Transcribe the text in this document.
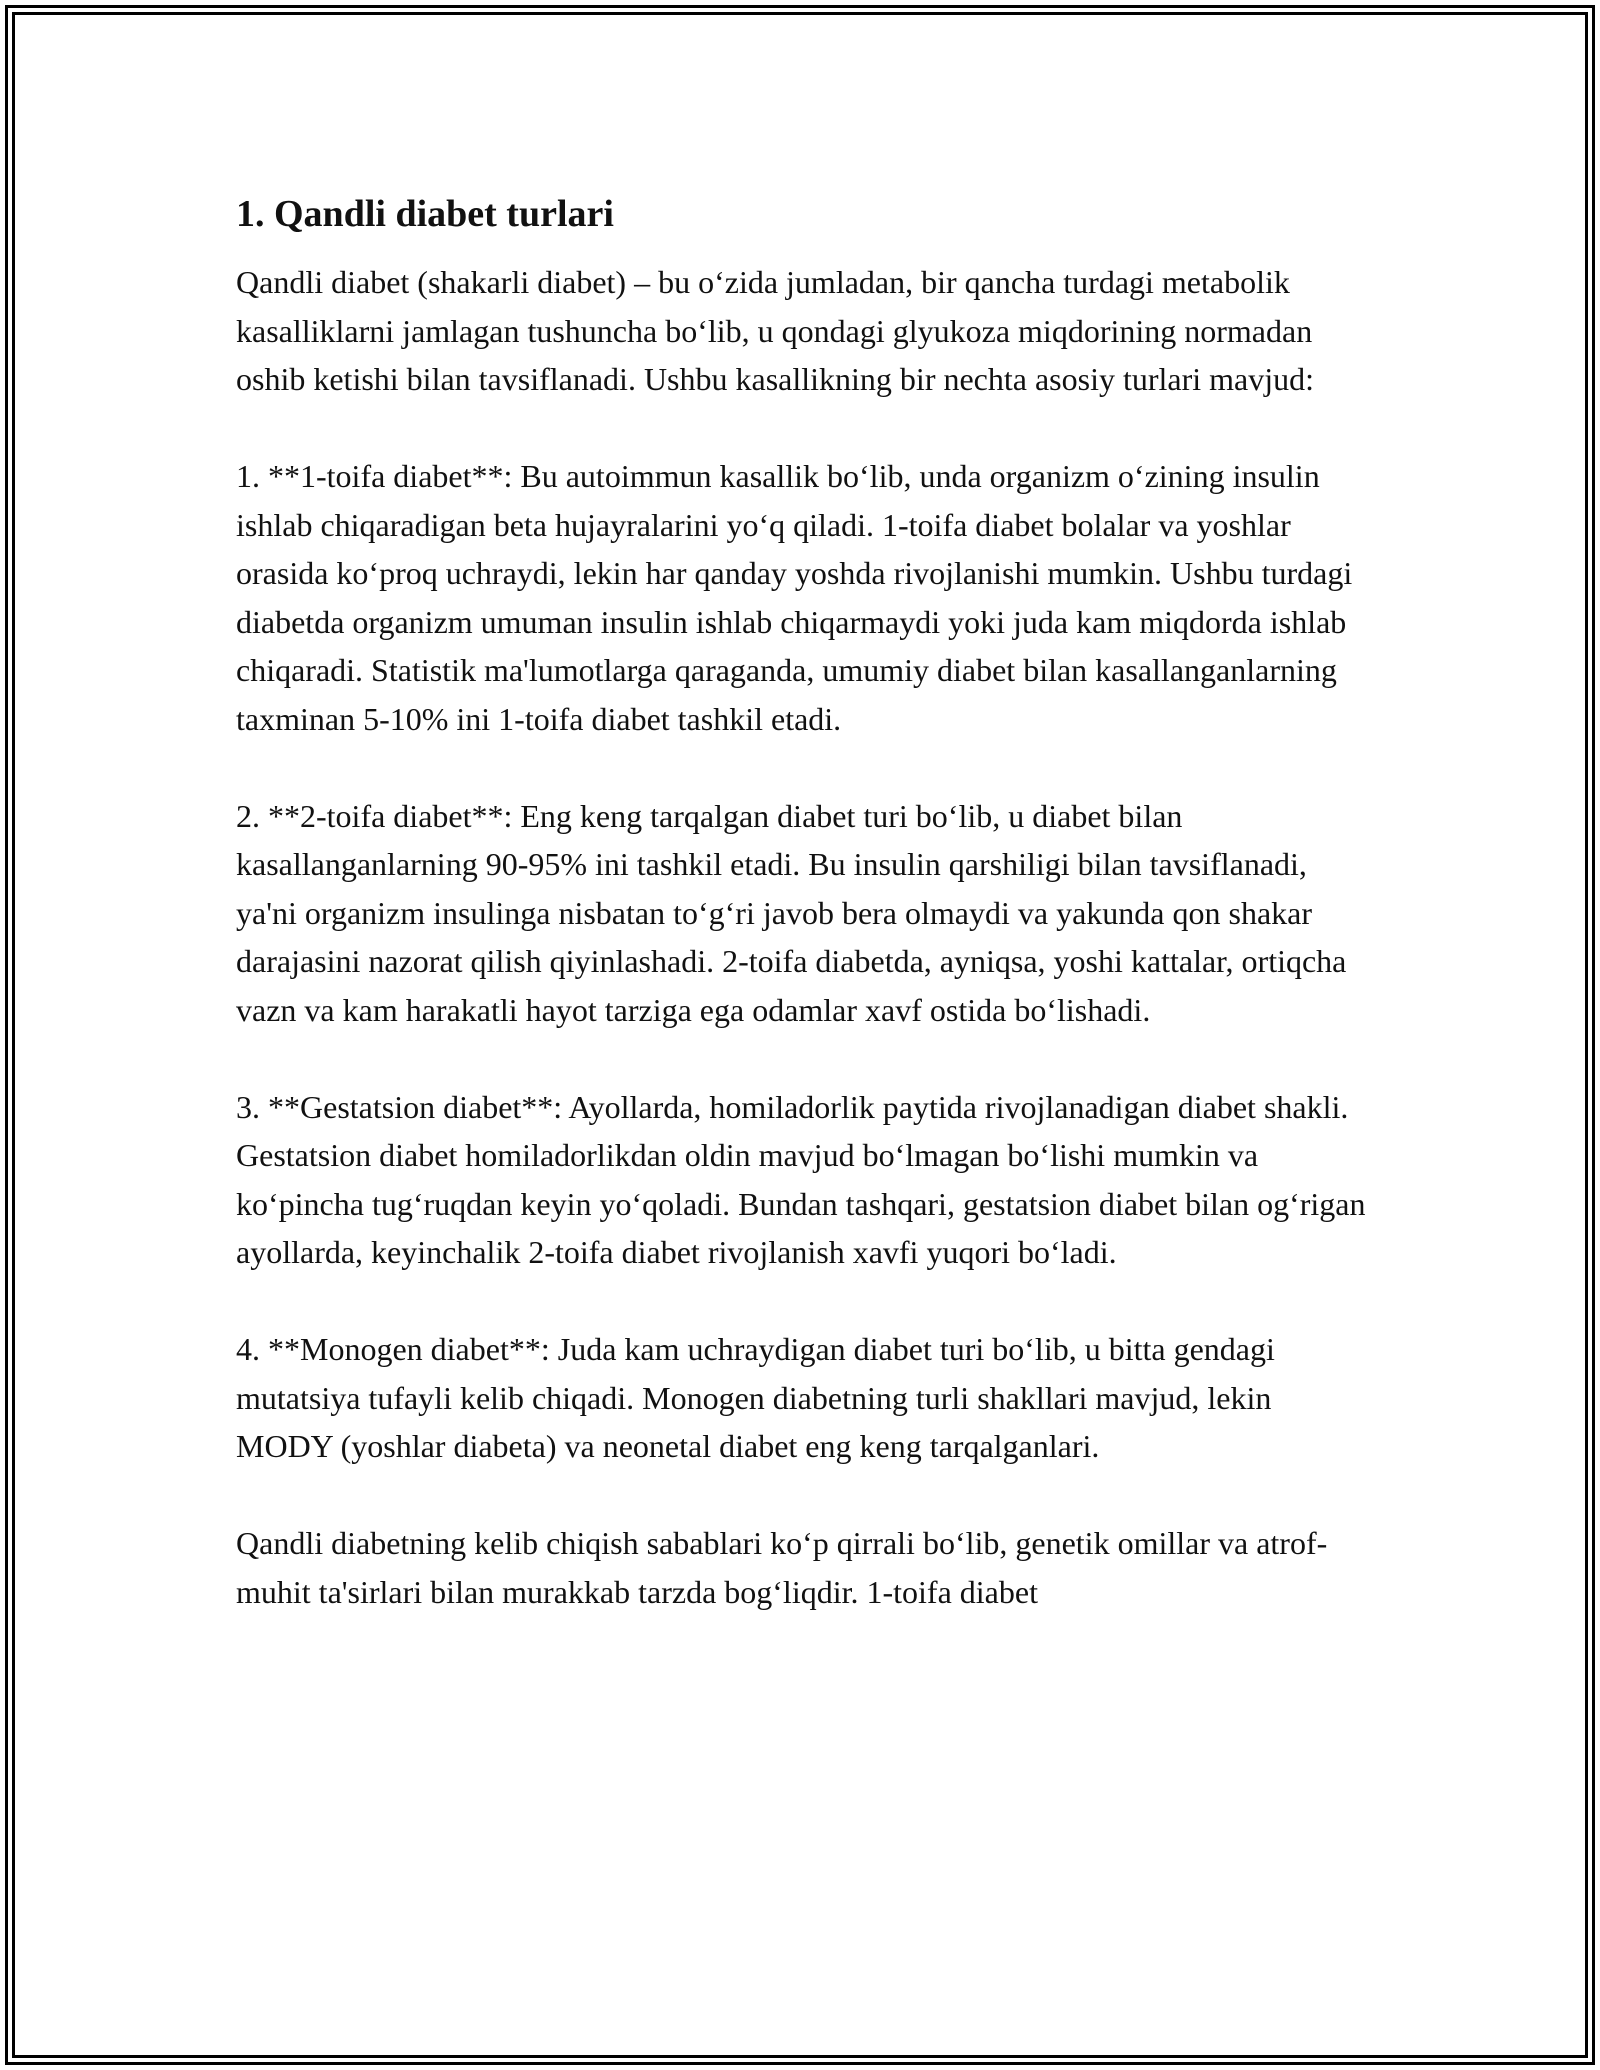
1. Qandli diabet turlari

Qandli diabet (shakarli diabet) – bu o‘zida jumladan, bir qancha turdagi metabolik kasalliklarni jamlagan tushuncha bo‘lib, u qondagi glyukoza miqdorining normadan oshib ketishi bilan tavsiflanadi. Ushbu kasallikning bir nechta asosiy turlari mavjud:

1. **1-toifa diabet**: Bu autoimmun kasallik bo‘lib, unda organizm o‘zining insulin ishlab chiqaradigan beta hujayralarini yo‘q qiladi. 1-toifa diabet bolalar va yoshlar orasida ko‘proq uchraydi, lekin har qanday yoshda rivojlanishi mumkin. Ushbu turdagi diabetda organizm umuman insulin ishlab chiqarmaydi yoki juda kam miqdorda ishlab chiqaradi. Statistik ma'lumotlarga qaraganda, umumiy diabet bilan kasallanganlarning taxminan 5-10% ini 1-toifa diabet tashkil etadi.

2. **2-toifa diabet**: Eng keng tarqalgan diabet turi bo‘lib, u diabet bilan kasallanganlarning 90-95% ini tashkil etadi. Bu insulin qarshiligi bilan tavsiflanadi, ya'ni organizm insulinga nisbatan to‘g‘ri javob bera olmaydi va yakunda qon shakar darajasini nazorat qilish qiyinlashadi. 2-toifa diabetda, ayniqsa, yoshi kattalar, ortiqcha vazn va kam harakatli hayot tarziga ega odamlar xavf ostida bo‘lishadi.

3. **Gestatsion diabet**: Ayollarda, homiladorlik paytida rivojlanadigan diabet shakli. Gestatsion diabet homiladorlikdan oldin mavjud bo‘lmagan bo‘lishi mumkin va ko‘pincha tug‘ruqdan keyin yo‘qoladi. Bundan tashqari, gestatsion diabet bilan og‘rigan ayollarda, keyinchalik 2-toifa diabet rivojlanish xavfi yuqori bo‘ladi.

4. **Monogen diabet**: Juda kam uchraydigan diabet turi bo‘lib, u bitta gendagi mutatsiya tufayli kelib chiqadi. Monogen diabetning turli shakllari mavjud, lekin MODY (yoshlar diabeta) va neonetal diabet eng keng tarqalganlari.

Qandli diabetning kelib chiqish sabablari ko‘p qirrali bo‘lib, genetik omillar va atrof-muhit ta'sirlari bilan murakkab tarzda bog‘liqdir. 1-toifa diabet
